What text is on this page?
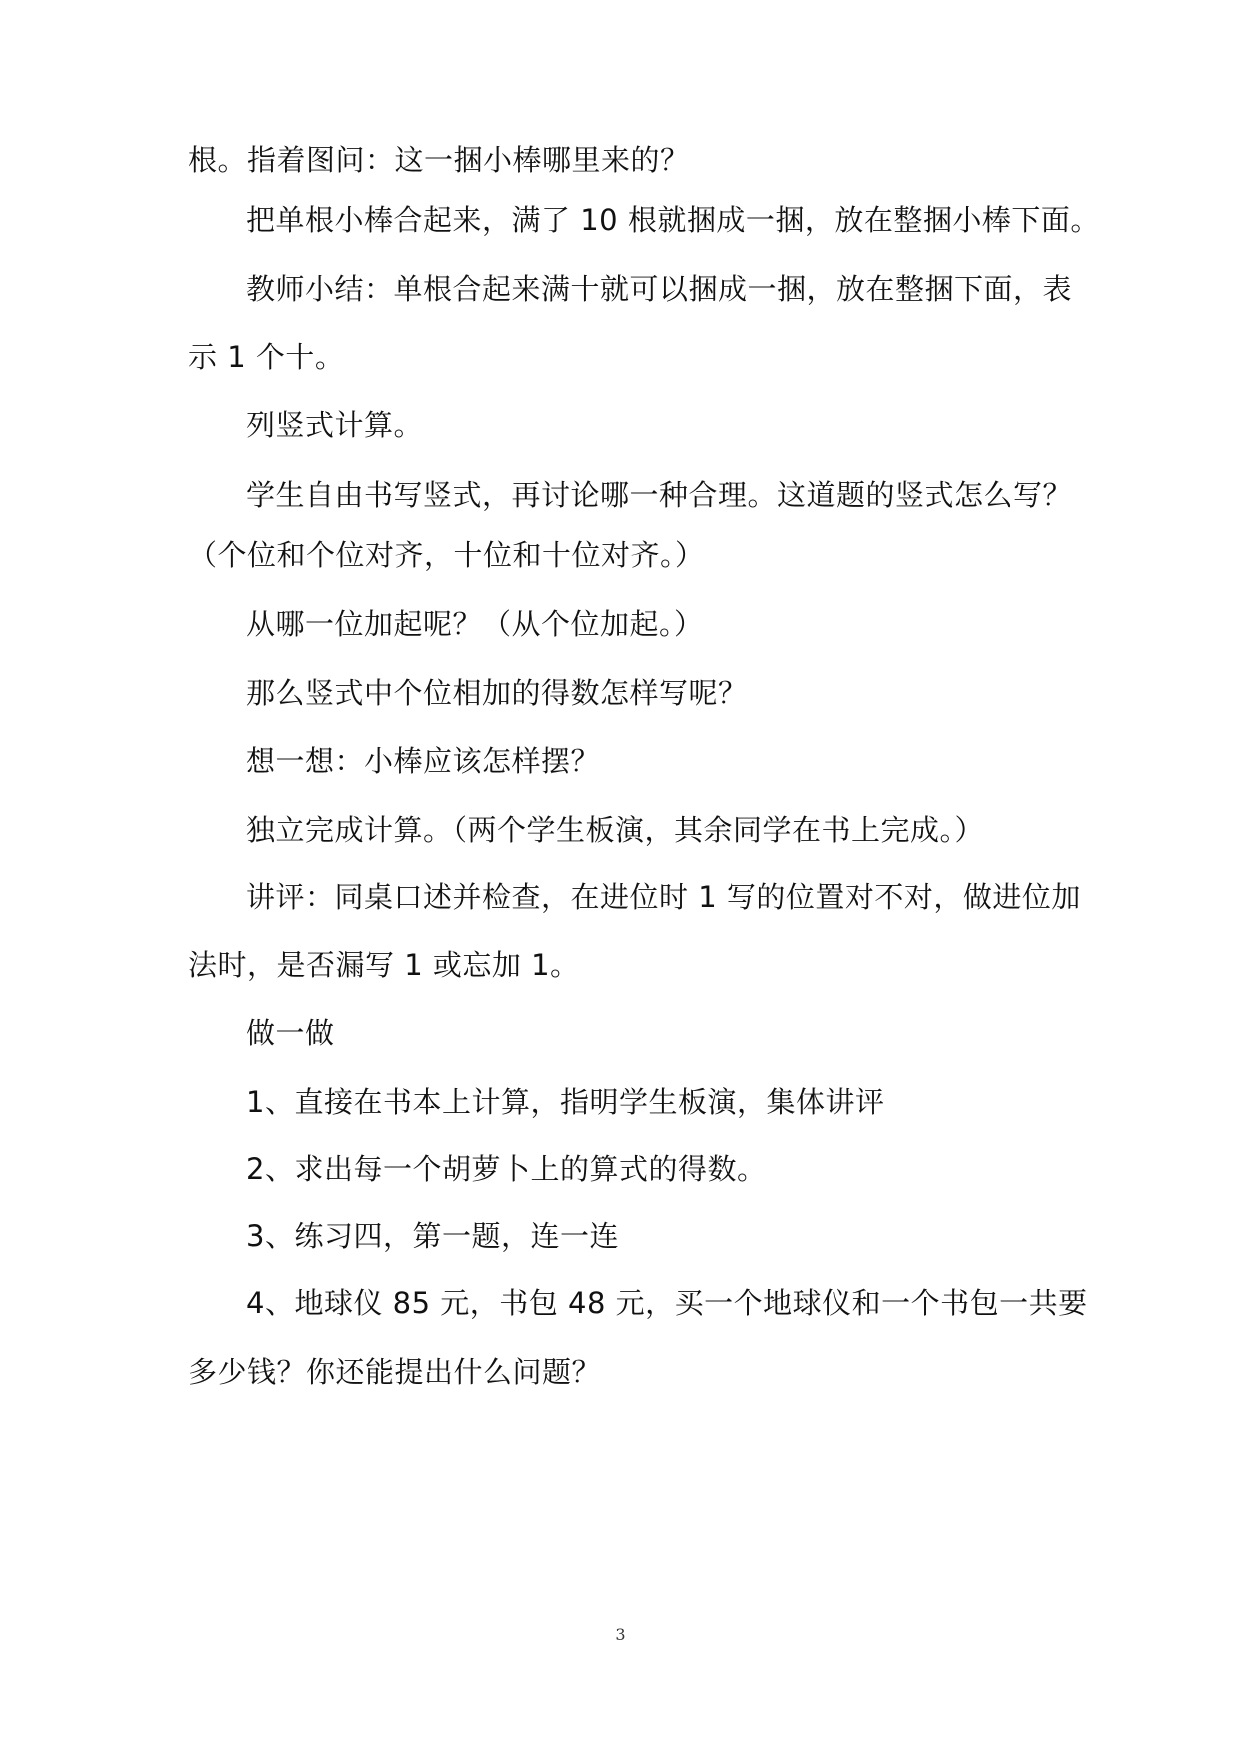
根。指着图问：这一捆小棒哪里来的？
把单根小棒合起来，满了 10 根就捆成一捆，放在整捆小棒下面。
教师小结：单根合起来满十就可以捆成一捆，放在整捆下面，表
示 1 个十。
列竖式计算。
学生自由书写竖式，再讨论哪一种合理。这道题的竖式怎么写？
（个位和个位对齐，十位和十位对齐。）
从哪一位加起呢？（从个位加起。）
那么竖式中个位相加的得数怎样写呢？
想一想：小棒应该怎样摆？
独立完成计算。（两个学生板演，其余同学在书上完成。）
讲评：同桌口述并检查，在进位时 1 写的位置对不对，做进位加
法时，是否漏写 1 或忘加 1。
做一做
1、直接在书本上计算，指明学生板演，集体讲评
2、求出每一个胡萝卜上的算式的得数。
3、练习四，第一题，连一连
4、地球仪 85 元，书包 48 元，买一个地球仪和一个书包一共要
多少钱？你还能提出什么问题？
3
